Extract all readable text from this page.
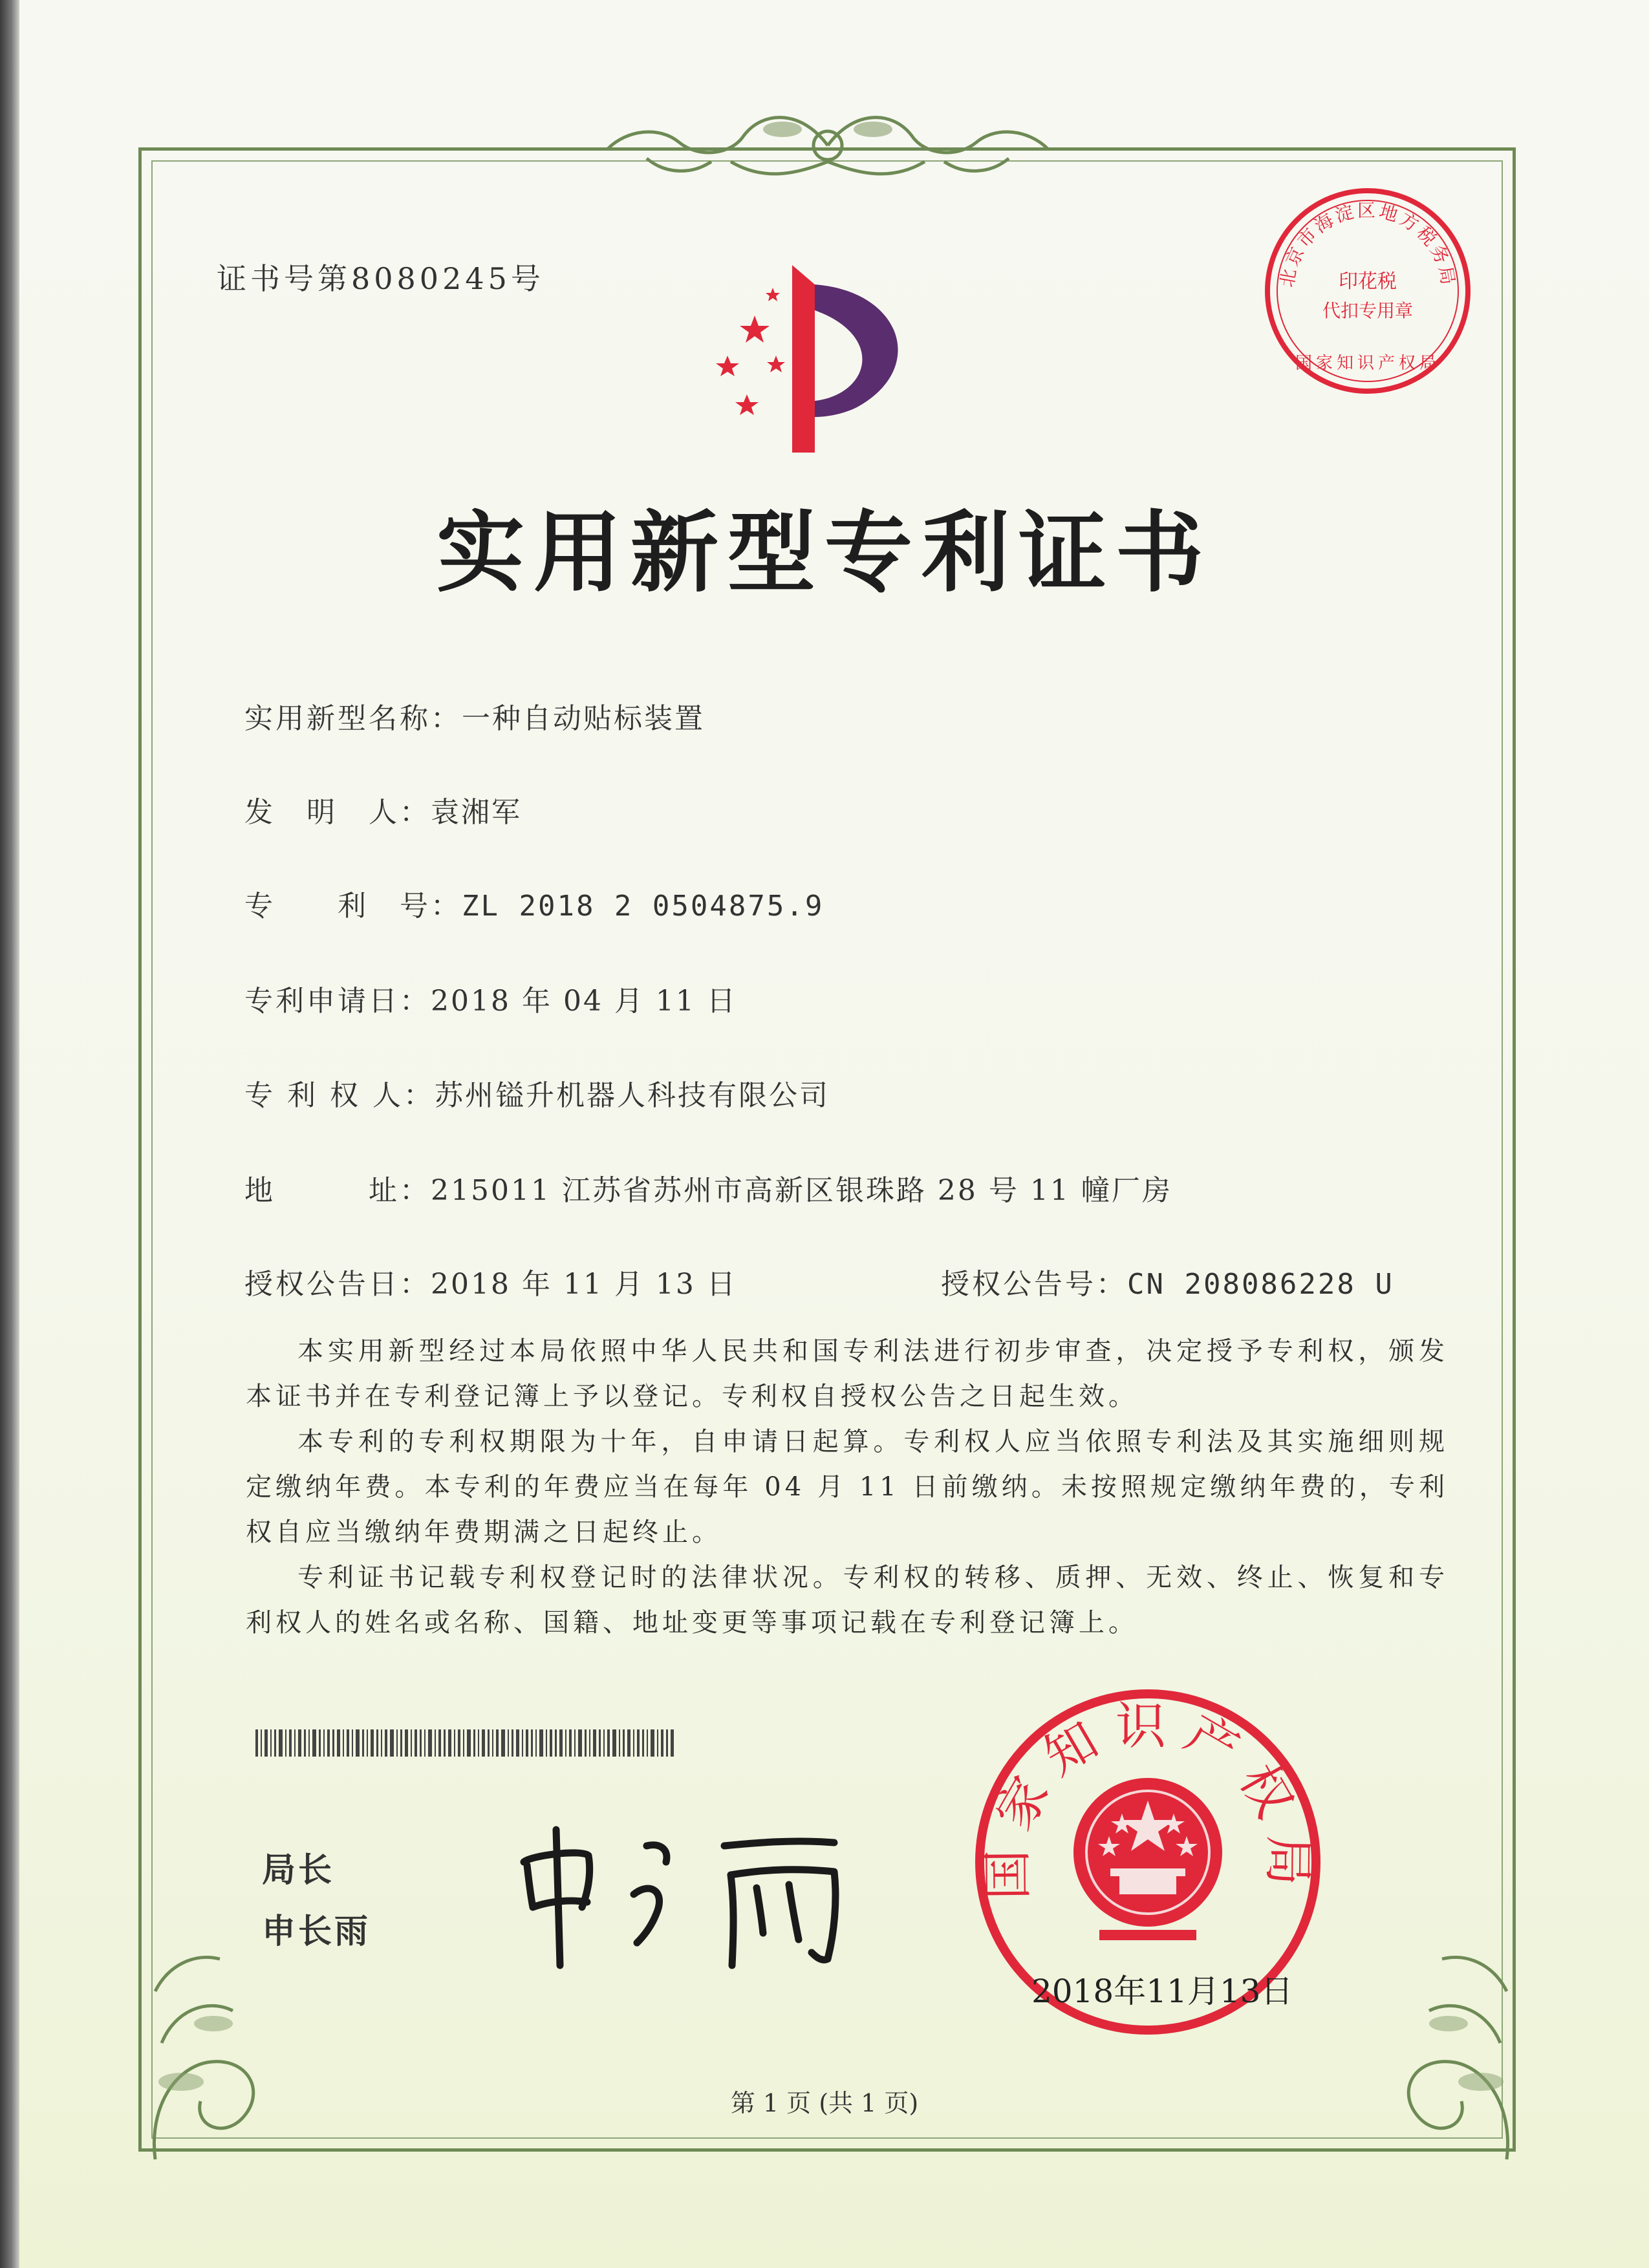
证书号第8080245号	北京市海淀区地方税务局
印花税
代扣专用章
国家知识产权局
实用新型专利证书
实用新型名称：一种自动贴标装置
发　明　人：袁湘军
专　　利　号：ZL 2018 2 0504875.9
专利申请日：2018 年 04 月 11 日
专 利 权 人：苏州镒升机器人科技有限公司
地　　　址：215011 江苏省苏州市高新区银珠路 28 号 11 幢厂房
授权公告日：2018 年 11 月 13 日	授权公告号：CN 208086228 U
本实用新型经过本局依照中华人民共和国专利法进行初步审查，决定授予专利权，颁发本证书并在专利登记簿上予以登记。专利权自授权公告之日起生效。
本专利的专利权期限为十年，自申请日起算。专利权人应当依照专利法及其实施细则规定缴纳年费。本专利的年费应当在每年 04 月 11 日前缴纳。未按照规定缴纳年费的，专利权自应当缴纳年费期满之日起终止。
专利证书记载专利权登记时的法律状况。专利权的转移、质押、无效、终止、恢复和专利权人的姓名或名称、国籍、地址变更等事项记载在专利登记簿上。
局长
申长雨
国家知识产权局
2018年11月13日
第 1 页 (共 1 页)
